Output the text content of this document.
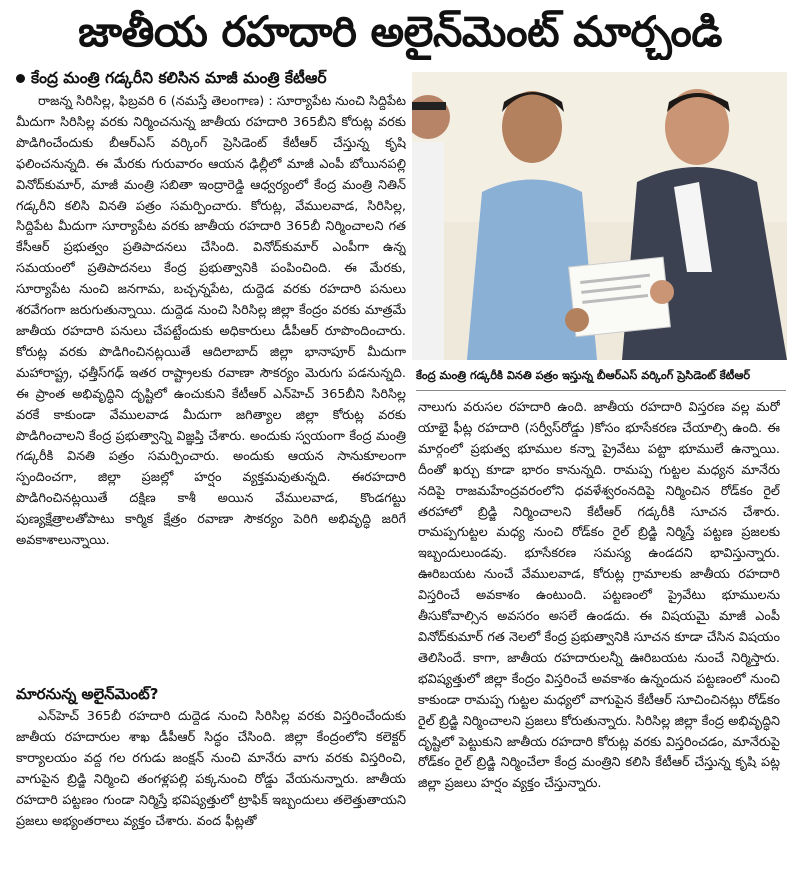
జాతీయ రహదారి అలైన్‌మెంట్ మార్చండి
కేంద్ర మంత్రి గడ్కరీని కలిసిన మాజీ మంత్రి కేటీఆర్

రాజన్న సిరిసిల్ల, ఫిబ్రవరి 6 (నమస్తే తెలంగాణ) : సూర్యాపేట నుంచి సిద్దిపేట మీదుగా సిరిసిల్ల వరకు నిర్మించనున్న జాతీయ రహదారి 365బీని కోరుట్ల వరకు పొడిగించేందుకు బీఆర్‌ఎస్ వర్కింగ్ ప్రెసిడెంట్ కేటీఆర్ చేస్తున్న కృషి ఫలించనున్నది. ఈ మేరకు గురువారం ఆయన ఢిల్లీలో మాజీ ఎంపీ బోయినపల్లి వినోద్‌కుమార్, మాజీ మంత్రి సబితా ఇంద్రారెడ్డి ఆధ్వర్యంలో కేంద్ర మంత్రి నితిన్ గడ్కరీని కలిసి వినతి పత్రం సమర్పించారు. కోరుట్ల, వేములవాడ, సిరిసిల్ల, సిద్దిపేట మీదుగా సూర్యాపేట వరకు జాతీయ రహదారి 365బీ నిర్మించాలని గత కేసీఆర్ ప్రభుత్వం ప్రతిపాదనలు చేసింది. వినోద్‌కుమార్ ఎంపీగా ఉన్న సమయంలో ప్రతిపాదనలు కేంద్ర ప్రభుత్వానికి పంపించింది. ఈ మేరకు, సూర్యాపేట నుంచి జనగామ, బచ్చన్నపేట, దుద్దెడ వరకు రహదారి పనులు శరవేగంగా జరుగుతున్నాయి. దుద్దెడ నుంచి సిరిసిల్ల జిల్లా కేంద్రం వరకు మాత్రమే జాతీయ రహదారి పనులు చేపట్టేందుకు అధికారులు డీపీఆర్ రూపొందించారు. కోరుట్ల వరకు పొడిగించినట్లయితే ఆదిలాబాద్ జిల్లా భానాపూర్ మీదుగా మహారాష్ట్ర, ఛత్తీస్‌గఢ్ ఇతర రాష్ట్రాలకు రవాణా సౌకర్యం మెరుగు పడనున్నది. ఈ ప్రాంత అభివృద్ధిని దృష్టిలో ఉంచుకుని కేటీఆర్ ఎన్‌హెచ్ 365బీని సిరిసిల్ల వరకే కాకుండా వేములవాడ మీదుగా జగిత్యాల జిల్లా కోరుట్ల వరకు పొడిగించాలని కేంద్ర ప్రభుత్వాన్ని విజ్ఞప్తి చేశారు. అందుకు స్వయంగా కేంద్ర మంత్రి గడ్కరీకి వినతి పత్రం సమర్పించారు. అందుకు ఆయన సానుకూలంగా స్పందించగా, జిల్లా ప్రజల్లో హర్షం వ్యక్తమవుతున్నది. ఈరహదారి పొడిగించినట్లయితే దక్షిణ కాశీ అయిన వేములవాడ, కొండగట్టు పుణ్యక్షేత్రాలతోపాటు కార్మిక క్షేత్రం రవాణా సౌకర్యం పెరిగి అభివృద్ధి జరిగే అవకాశాలున్నాయి.

కేంద్ర మంత్రి గడ్కరీకి వినతి పత్రం ఇస్తున్న బీఆర్‌ఎస్ వర్కింగ్ ప్రెసిడెంట్ కేటీఆర్

నాలుగు వరుసల రహదారి ఉంది. జాతీయ రహదారి విస్తరణ వల్ల మరో యాభై ఫీట్ల రహదారి (సర్వీస్‌రోడ్డు )కోసం భూసేకరణ చేయాల్సి ఉంది. ఈ మార్గంలో ప్రభుత్వ భూముల కన్నా ప్రైవేటు పట్టా భూములే ఉన్నాయి. దీంతో ఖర్చు కూడా భారం కానున్నది. రామప్ప గుట్టల మధ్యన మానేరు నదిపై రాజమహేంద్రవరంలోని ధవళేశ్వరంనదిపై నిర్మించిన రోడ్‌కం రైల్ తరహాలో బ్రిడ్జి నిర్మించాలని కేటీఆర్ గడ్కరీకి సూచన చేశారు. రామప్పగుట్టల మధ్య నుంచి రోడ్‌కం రైల్ బ్రిడ్జి నిర్మిస్తే పట్టణ ప్రజలకు ఇబ్బందులుండవు. భూసేకరణ సమస్య ఉండదని భావిస్తున్నారు. ఊరిబయట నుంచే వేములవాడ, కోరుట్ల గ్రామాలకు జాతీయ రహదారి విస్తరించే అవకాశం ఉంటుంది. పట్టణంలో ప్రైవేటు భూములను తీసుకోవాల్సిన అవసరం అసలే ఉండదు. ఈ విషయమై మాజీ ఎంపీ వినోద్‌కుమార్ గత నెలలో కేంద్ర ప్రభుత్వానికి సూచన కూడా చేసిన విషయం తెలిసిందే. కాగా, జాతీయ రహదారులన్నీ ఊరిబయట నుంచే నిర్మిస్తారు. భవిష్యత్తులో జిల్లా కేంద్రం విస్తరించే అవకాశం ఉన్నందున పట్టణంలో నుంచి కాకుండా రామప్ప గుట్టల మధ్యలో వాగుపైన కేటీఆర్ సూచించినట్లు రోడ్‌కం రైల్ బ్రిడ్జి నిర్మించాలని ప్రజలు కోరుతున్నారు. సిరిసిల్ల జిల్లా కేంద్ర అభివృద్ధిని దృష్టిలో పెట్టుకుని జాతీయ రహదారి కోరుట్ల వరకు విస్తరించడం, మానేరుపై రోడ్‌కం రైల్ బ్రిడ్జి నిర్మించేలా కేంద్ర మంత్రిని కలిసి కేటీఆర్ చేస్తున్న కృషి పట్ల జిల్లా ప్రజలు హర్షం వ్యక్తం చేస్తున్నారు.

మారనున్న అలైన్‌మెంట్?

ఎన్‌హెచ్ 365బీ రహదారి దుద్దెడ నుంచి సిరిసిల్ల వరకు విస్తరించేందుకు జాతీయ రహదారుల శాఖ డీపీఆర్ సిద్ధం చేసింది. జిల్లా కేంద్రంలోని కలెక్టర్ కార్యాలయం వద్ద గల రగుడు జంక్షన్ నుంచి మానేరు వాగు వరకు విస్తరించి, వాగుపైన బ్రిడ్జి నిర్మించి తంగళ్లపల్లి పక్కనుంచి రోడ్డు వేయనున్నారు. జాతీయ రహదారి పట్టణం గుండా నిర్మిస్తే భవిష్యత్తులో ట్రాఫిక్ ఇబ్బందులు తలెత్తుతాయని ప్రజలు అభ్యంతరాలు వ్యక్తం చేశారు. వంద ఫీట్లతో
